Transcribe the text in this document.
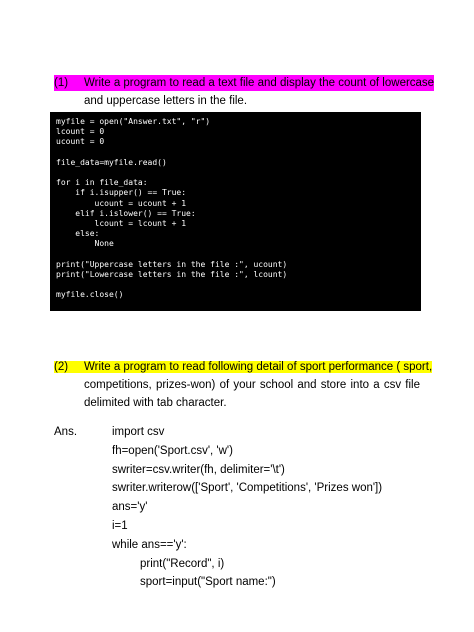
(1) Write a program to read a text file and display the count of lowercase
and uppercase letters in the file.
myfile = open("Answer.txt", "r")
lcount = 0
ucount = 0
file_data=myfile.read()
for i in file_data:
if i.isupper() == True:
ucount = ucount + 1
elif i.islower() == True:
lcount = lcount + 1
else:
None
print("Uppercase letters in the file :", ucount)
print("Lowercase letters in the file :", lcount)
myfile.close()
(2) Write a program to read following detail of sport performance ( sport,
competitions, prizes-won) of your school and store into a csv file
delimited with tab character.
Ans.	import csv
fh=open('Sport.csv', 'w')
swriter=csv.writer(fh, delimiter='\t')
swriter.writerow(['Sport', 'Competitions', 'Prizes won'])
ans='y'
i=1
while ans=='y':
print("Record", i)
sport=input("Sport name:")
